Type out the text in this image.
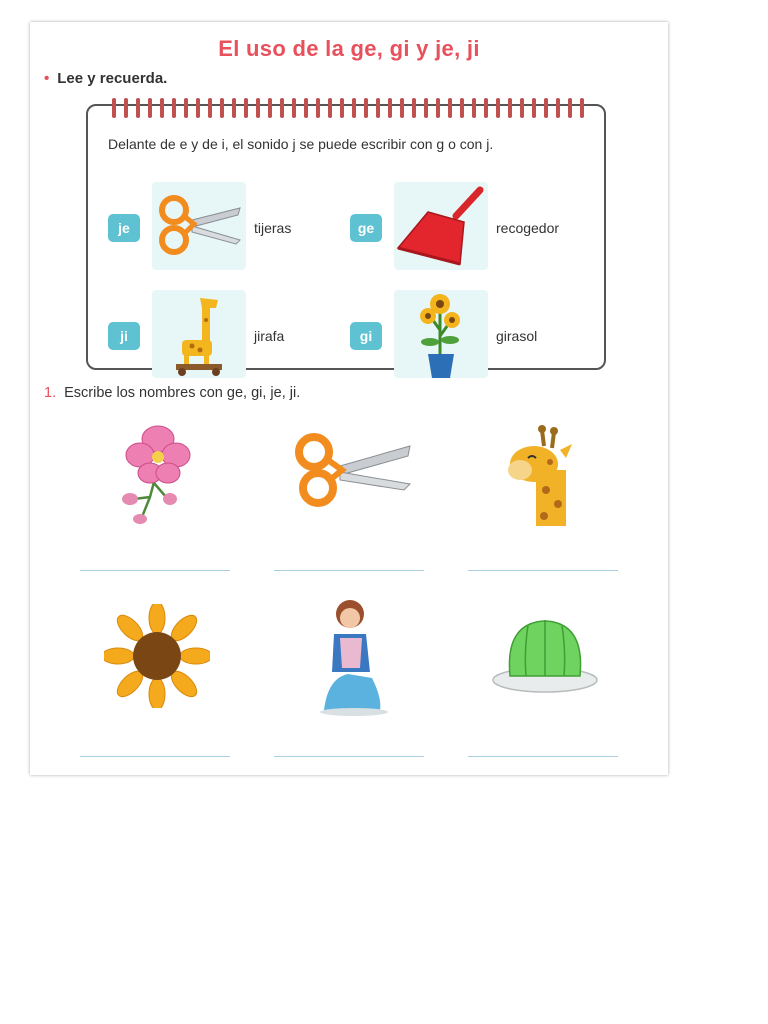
El uso de la ge, gi y je, ji
• Lee y recuerda.
Delante de e y de i, el sonido j se puede escribir con g o con j.
je	tijeras	ge	recogedor
ji	jirafa	gi	girasol
1. Escribe los nombres con ge, gi, je, ji.
